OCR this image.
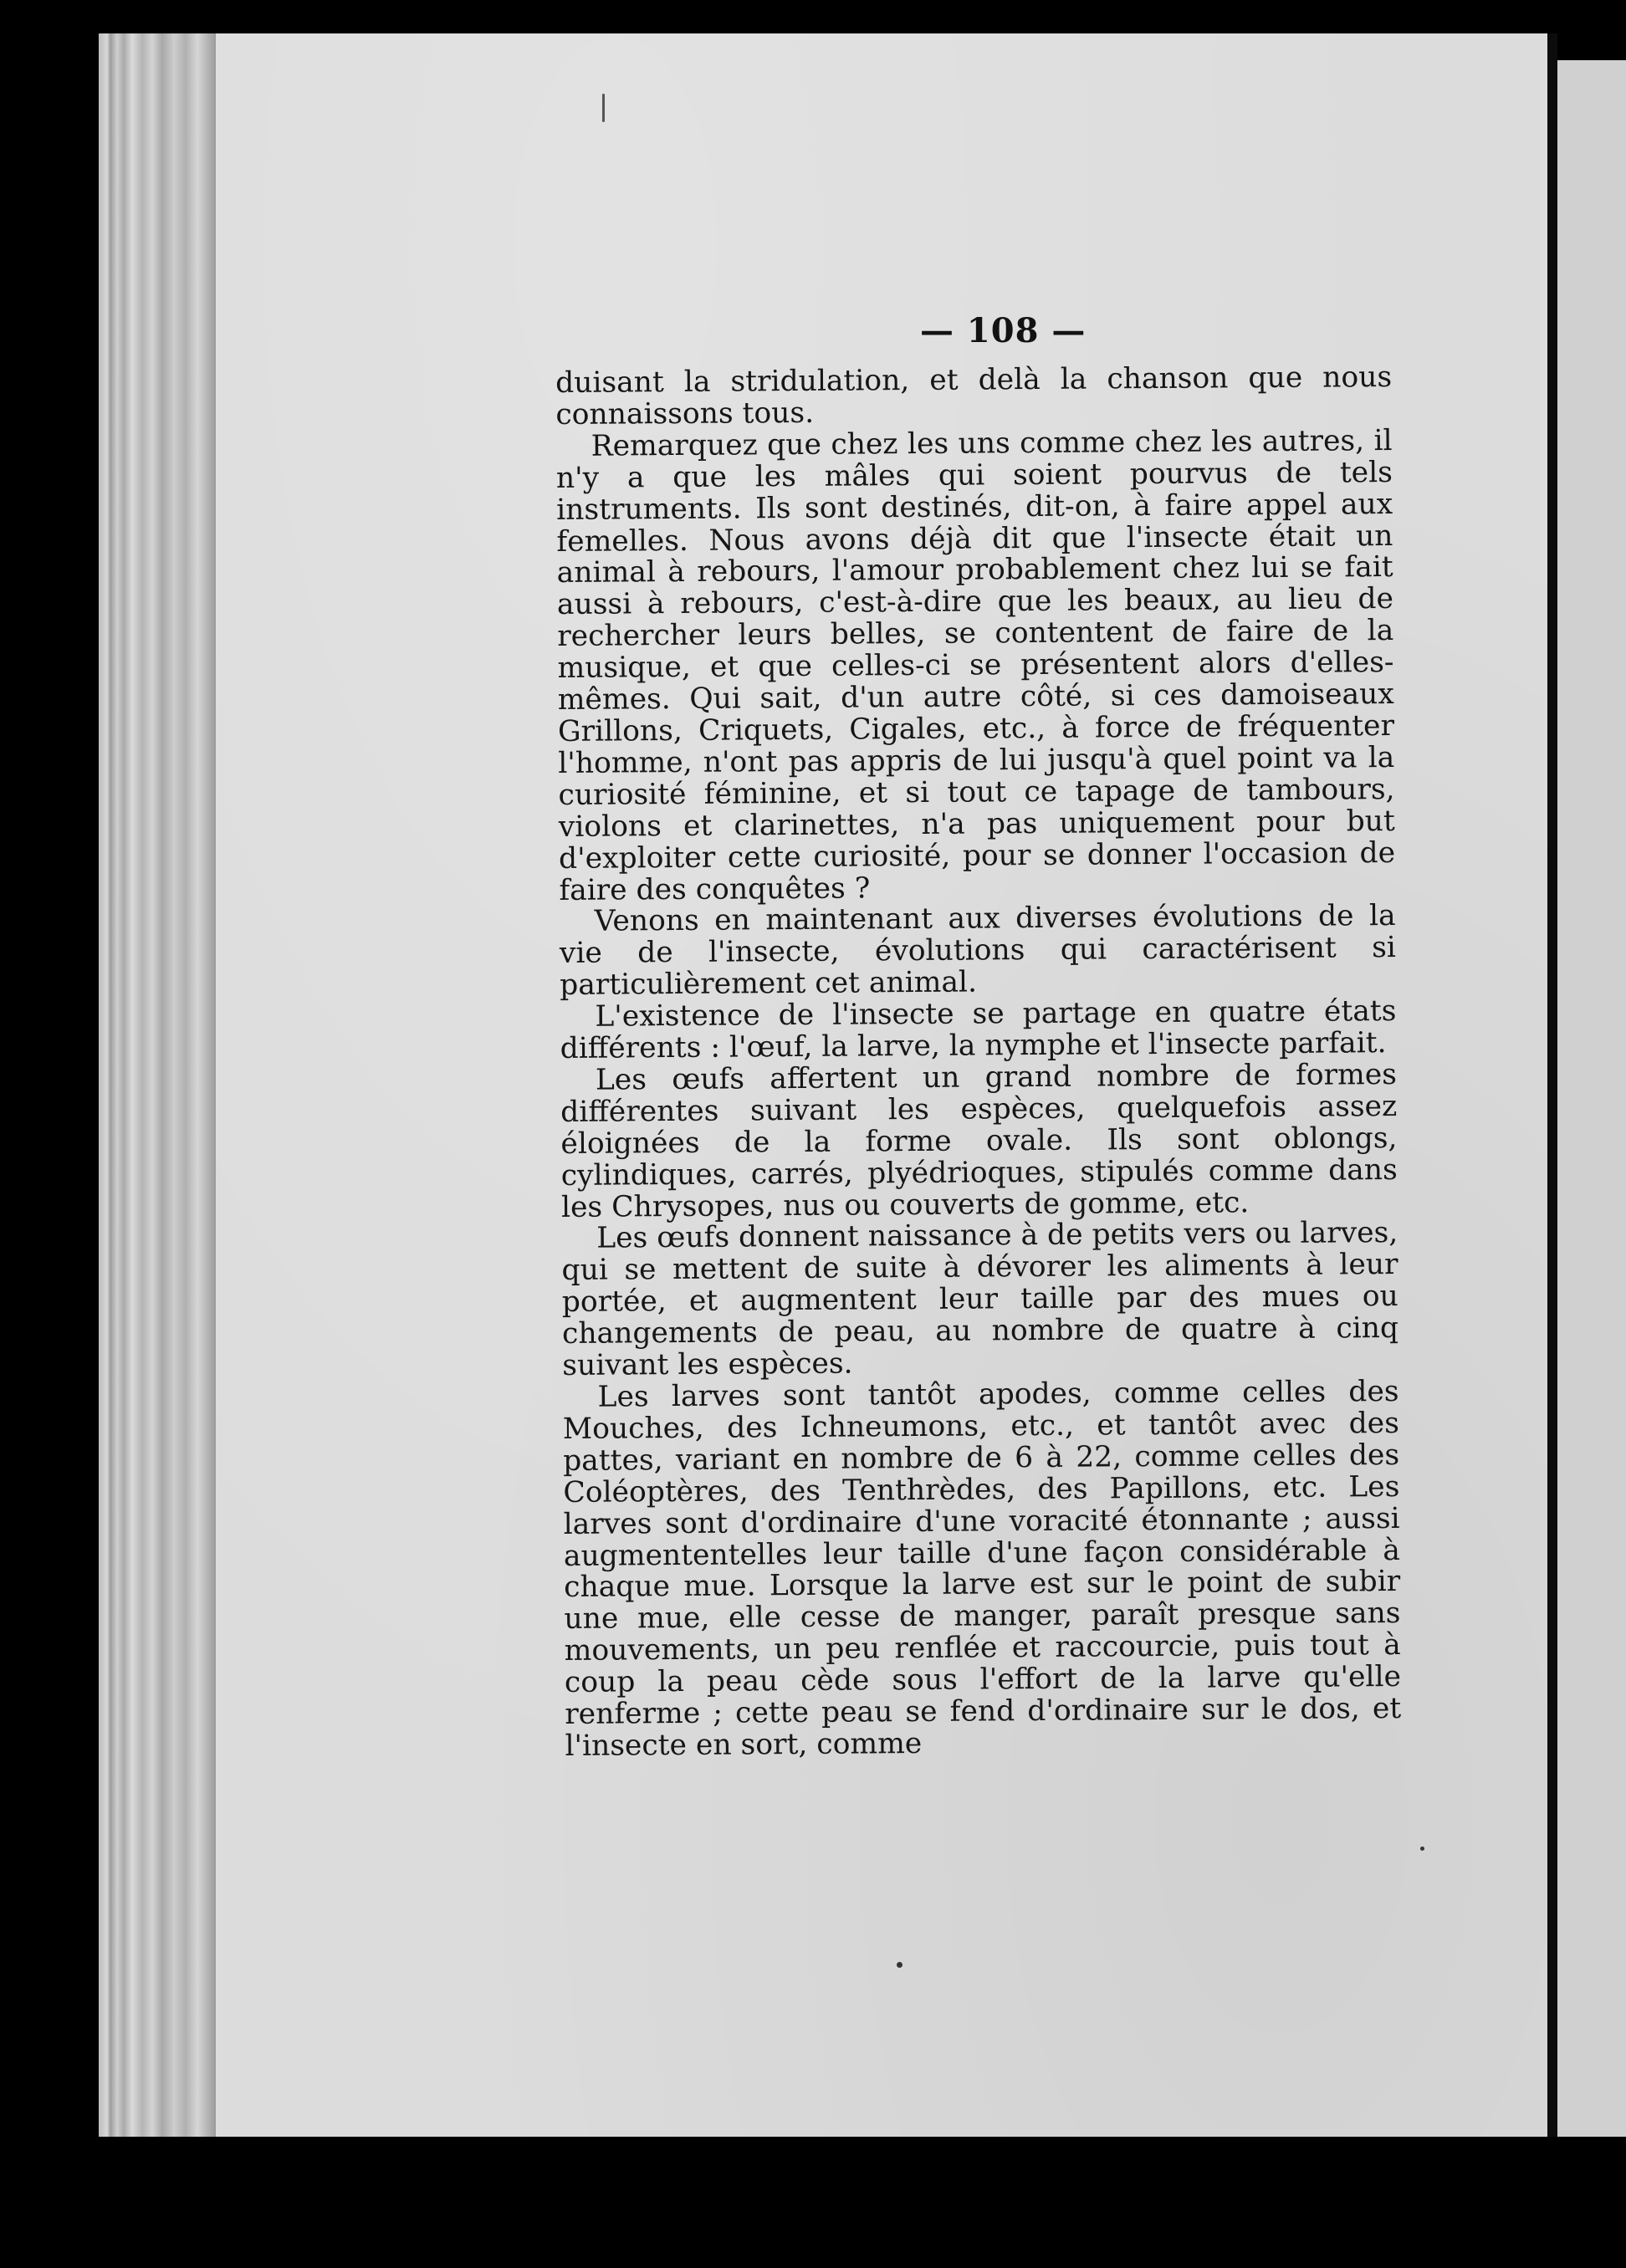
— 108 —

duisant la stridulation, et delà la chanson que nous connaissons tous.

Remarquez que chez les uns comme chez les autres, il n'y a que les mâles qui soient pourvus de tels instruments. Ils sont destinés, dit-on, à faire appel aux femelles. Nous avons déjà dit que l'insecte était un animal à rebours, l'amour probablement chez lui se fait aussi à rebours, c'est-à-dire que les beaux, au lieu de rechercher leurs belles, se contentent de faire de la musique, et que celles-ci se présentent alors d'elles-mêmes. Qui sait, d'un autre côté, si ces damoiseaux Grillons, Criquets, Cigales, etc., à force de fréquenter l'homme, n'ont pas appris de lui jusqu'à quel point va la curiosité féminine, et si tout ce tapage de tambours, violons et clarinettes, n'a pas uniquement pour but d'exploiter cette curiosité, pour se donner l'occasion de faire des conquêtes ?

Venons en maintenant aux diverses évolutions de la vie de l'insecte, évolutions qui caractérisent si particulièrement cet animal.

L'existence de l'insecte se partage en quatre états différents : l'œuf, la larve, la nymphe et l'insecte parfait.

Les œufs affertent un grand nombre de formes différentes suivant les espèces, quelquefois assez éloignées de la forme ovale. Ils sont oblongs, cylindiques, carrés, plyédrioques, stipulés comme dans les Chrysopes, nus ou couverts de gomme, etc.

Les œufs donnent naissance à de petits vers ou larves, qui se mettent de suite à dévorer les aliments à leur portée, et augmentent leur taille par des mues ou changements de peau, au nombre de quatre à cinq suivant les espèces.

Les larves sont tantôt apodes, comme celles des Mouches, des Ichneumons, etc., et tantôt avec des pattes, variant en nombre de 6 à 22, comme celles des Coléoptères, des Tenthrèdes, des Papillons, etc. Les larves sont d'ordinaire d'une voracité étonnante ; aussi augmententelles leur taille d'une façon considérable à chaque mue. Lorsque la larve est sur le point de subir une mue, elle cesse de manger, paraît presque sans mouvements, un peu renflée et raccourcie, puis tout à coup la peau cède sous l'effort de la larve qu'elle renferme ; cette peau se fend d'ordinaire sur le dos, et l'insecte en sort, comme
